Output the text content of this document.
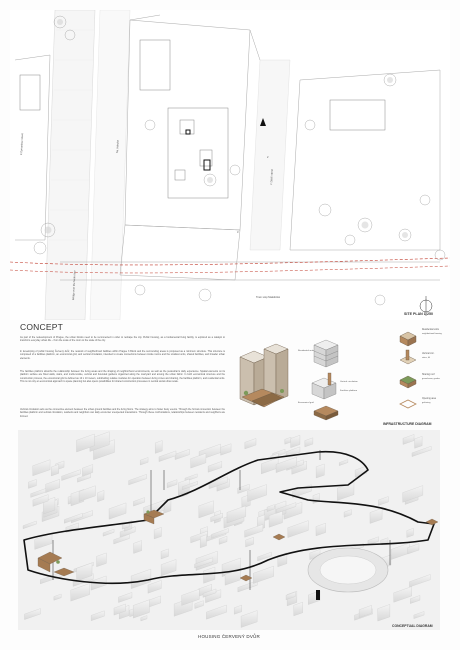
K Dynamitce street	Na Valeche
V Zátiší street
Tram stop Malešická
Bridge over the Metro line
2
3
SITE PLAN 1:250
CONCEPT
As part of the redevelopment of Prague, the urban blocks need to be reconnected in order to reshape the city. Public housing, as a fundamental living facility, is explored as a catalyst to transform everyday urban life – from the scale of the room to the scale of the city.
In developing of public housing Červený dvůr, the network of neighborhood facilities within Prague 3 Block and the surrounding areas is proposed as a minimum structure. This structure is composed of a facilities platform, an economical grid, and vertical circulation, intended to create connections between inside rooms and the smallest units, shared facilities, and broader urban elements.
The facilities platform absorbs the relationship between the living areas and the shaping of neighborhood environments, as well as the pedestrian's daily experience. Spatial elements on its platform surface are fitted walls, stairs, and multi-module, vertical and bounded gardens organized along the courtyard and among the urban fabric. In both economical structure and the construction process, the economical grid is defined as 10 x 10 meters, subdividing relative modules for operation between living zones and sharing, the facilities platform, and residential units. This is not only an economical approach to space planning but also opens possibilities for shared construction processes in central social urban scale.
Vertical circulation acts as the connective element between the urban ground facilities and the living floors. The strategy aims to foster lively events. Through the formal connection between the facilities platform and vertical circulation, residents and neighbors can daily encounter unexpected interactions. Through these confrontations, relationships between residents and neighbors are formed.
Residential units
Vertical circulation
Facilities platform
Economical grid
Residential units
neighborhood housing
Vertical circ.
stairs, lift
Sharing roof
greenhouse, garden
Opening area
gathering
INFRASTRUCTURE DIAGRAM
CONCEPTUAL DIAGRAM
HOUSING ČERVENÝ DVŮR
